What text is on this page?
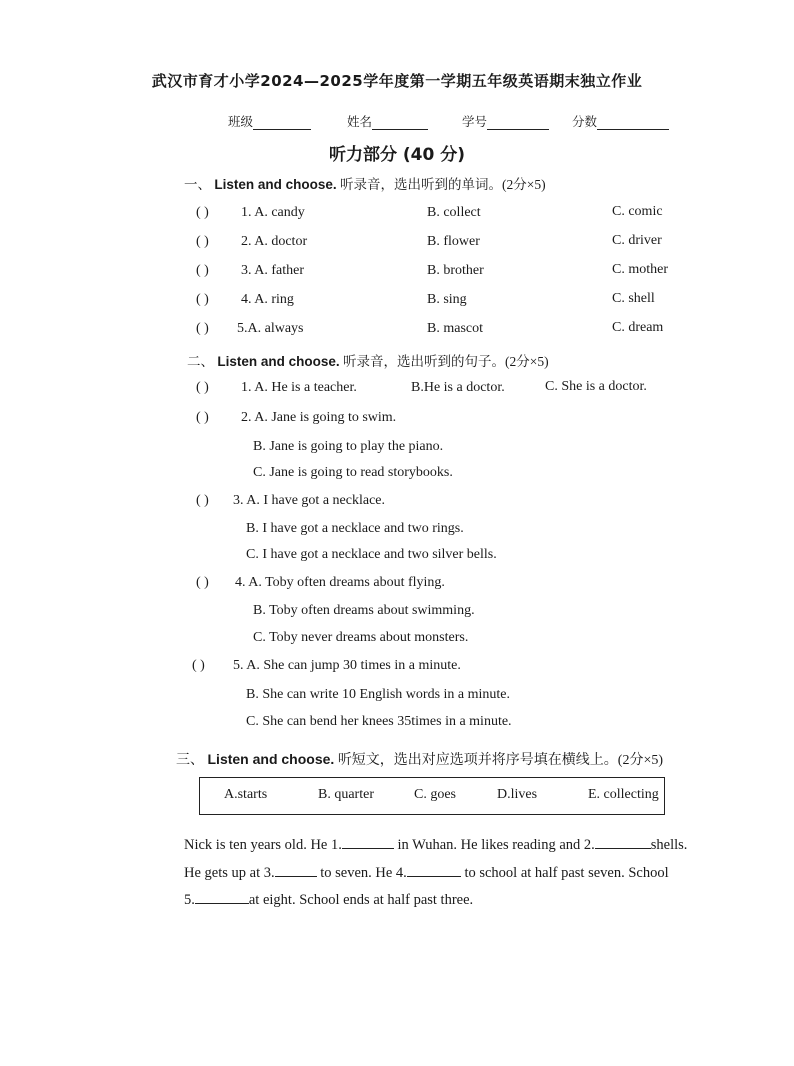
武汉市育才小学2024—2025学年度第一学期五年级英语期末独立作业
班级	姓名	学号	分数
听力部分 (40 分)
一、 Listen and choose. 听录音，选出听到的单词。(2分×5)
( ) 1. A. candy	B. collect	C. comic
( ) 2. A. doctor	B. flower	C. driver
( ) 3. A. father	B. brother	C. mother
( ) 4. A. ring	B. sing	C. shell
( ) 5.A. always	B. mascot	C. dream
二、 Listen and choose. 听录音，选出听到的句子。(2分×5)
( ) 1. A. He is a teacher.	B.He is a doctor.	C. She is a doctor.
( ) 2. A. Jane is going to swim.
B. Jane is going to play the piano.
C. Jane is going to read storybooks.
( ) 3. A. I have got a necklace.
B. I have got a necklace and two rings.
C. I have got a necklace and two silver bells.
( ) 4. A. Toby often dreams about flying.
B. Toby often dreams about swimming.
C. Toby never dreams about monsters.
( ) 5. A. She can jump 30 times in a minute.
B. She can write 10 English words in a minute.
C. She can bend her knees 35times in a minute.
三、 Listen and choose. 听短文，选出对应选项并将序号填在横线上。(2分×5)
A.starts	B. quarter	C. goes	D.lives	E. collecting
Nick is ten years old. He 1.	in Wuhan. He likes reading and 2.	shells.
He gets up at 3.	to seven. He 4.	to school at half past seven. School
5.	at eight. School ends at half past three.
